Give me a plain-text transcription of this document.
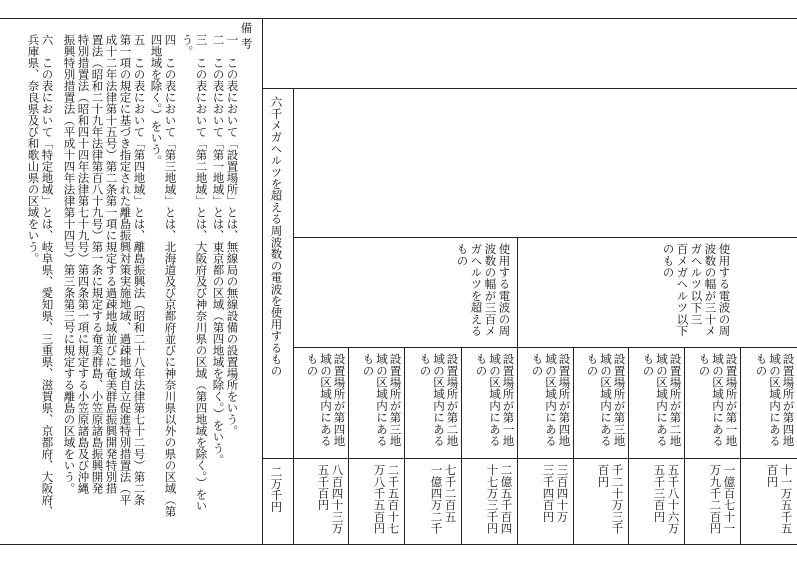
六千メガヘルツを超える周波数の電波を使用するもの
二万千円
使用する電波の周
波数の幅が三百メ
ガヘルツを超える
もの	使用する電波の周
波数の幅が三十メ
ガヘルツ以下三
百メガヘルツ以下
のもの
設置場所が第四地
域の区域内にある
もの
八百四十三万
五千百円
設置場所が第三地
域の区域内にある
もの
二千五百十七
万八千五百円
設置場所が第二地
域の区域内にある
もの
七千二百五
一億四万二千
設置場所が第一地
域の区域内にある
もの
二億五千百四
十七万三千円
設置場所が第四地
域の区域内にある
もの
三百四十万
三千四百円
設置場所が第三地
域の区域内にある
もの
千二十万三千
百円
設置場所が第二地
域の区域内にある
もの
五千八十六万
五千三百円
設置場所が第一地
域の区域内にある
もの
一億百七十一
万九千二百円
設置場所が第四地
域の区域内にある
もの
十一万五千五
百円
備考
一　この表において「設置場所」とは、無線局の無線設備の設置場所をいう。
二　この表において「第一地域」とは、東京都の区域（第四地域を除く。）をいう。
三　この表において「第二地域」とは、大阪府及び神奈川県の区域（第四地域を除く。）をい
う。
四　この表において「第三地域」とは、北海道及び京都府並びに神奈川県以外の県の区域（第
四地域を除く。）をいう。
五　この表において「第四地域」とは、離島振興法（昭和二十八年法律第七十二号）第二条
第一項の規定に基づき指定された離島振興対策実施地域、過疎地域自立促進特別措置法（平
成十二年法律第十五号）第二条第一項に規定する過疎地域並びに奄美群島振興開発特別措
置法（昭和二十九年法律第百八十九号）第一条に規定する奄美群島、小笠原諸島振興開発
特別措置法（昭和四十四年法律第七十九号）第四条第一項に規定する小笠原諸島及び沖縄
振興特別措置法（平成十四年法律第十四号）第三条第三号に規定する離島の区域をいう。
六　この表において「特定地域」とは、岐阜県、愛知県、三重県、滋賀県、京都府、大阪府、
兵庫県、奈良県及び和歌山県の区域をいう。
